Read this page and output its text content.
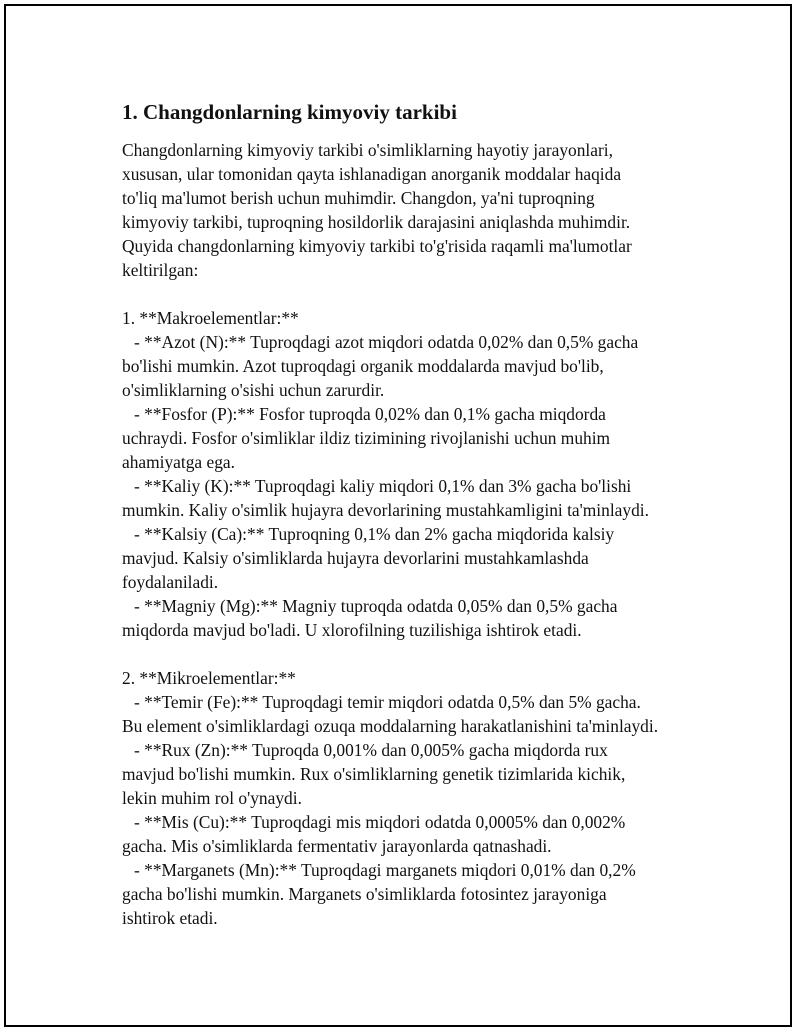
1. Changdonlarning kimyoviy tarkibi

Changdonlarning kimyoviy tarkibi o'simliklarning hayotiy jarayonlari,
xususan, ular tomonidan qayta ishlanadigan anorganik moddalar haqida
to'liq ma'lumot berish uchun muhimdir. Changdon, ya'ni tuproqning
kimyoviy tarkibi, tuproqning hosildorlik darajasini aniqlashda muhimdir.
Quyida changdonlarning kimyoviy tarkibi to'g'risida raqamli ma'lumotlar
keltirilgan:

1. **Makroelementlar:**

- **Azot (N):** Tuproqdagi azot miqdori odatda 0,02% dan 0,5% gacha
bo'lishi mumkin. Azot tuproqdagi organik moddalarda mavjud bo'lib,
o'simliklarning o'sishi uchun zarurdir.

- **Fosfor (P):** Fosfor tuproqda 0,02% dan 0,1% gacha miqdorda
uchraydi. Fosfor o'simliklar ildiz tizimining rivojlanishi uchun muhim
ahamiyatga ega.

- **Kaliy (K):** Tuproqdagi kaliy miqdori 0,1% dan 3% gacha bo'lishi
mumkin. Kaliy o'simlik hujayra devorlarining mustahkamligini ta'minlaydi.

- **Kalsiy (Ca):** Tuproqning 0,1% dan 2% gacha miqdorida kalsiy
mavjud. Kalsiy o'simliklarda hujayra devorlarini mustahkamlashda
foydalaniladi.

- **Magniy (Mg):** Magniy tuproqda odatda 0,05% dan 0,5% gacha
miqdorda mavjud bo'ladi. U xlorofilning tuzilishiga ishtirok etadi.

2. **Mikroelementlar:**

- **Temir (Fe):** Tuproqdagi temir miqdori odatda 0,5% dan 5% gacha.
Bu element o'simliklardagi ozuqa moddalarning harakatlanishini ta'minlaydi.

- **Rux (Zn):** Tuproqda 0,001% dan 0,005% gacha miqdorda rux
mavjud bo'lishi mumkin. Rux o'simliklarning genetik tizimlarida kichik,
lekin muhim rol o'ynaydi.

- **Mis (Cu):** Tuproqdagi mis miqdori odatda 0,0005% dan 0,002%
gacha. Mis o'simliklarda fermentativ jarayonlarda qatnashadi.

- **Marganets (Mn):** Tuproqdagi marganets miqdori 0,01% dan 0,2%
gacha bo'lishi mumkin. Marganets o'simliklarda fotosintez jarayoniga
ishtirok etadi.
